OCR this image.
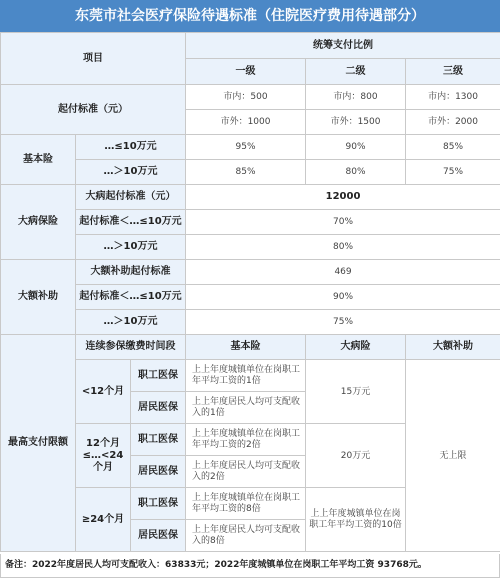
东莞市社会医疗保险待遇标准（住院医疗费用待遇部分）
项目			统筹支付比例		
			一级	二级	三级
起付标准（元）			市内：500	市内：800	市内：1300
			市外：1000	市外：1500	市外：2000
基本险	…≤10万元		95%	90%	85%
	…＞10万元		85%	80%	75%
大病保险	大病起付标准（元）		12000		
	起付标准＜…≤10万元		70%		
	…＞10万元		80%		
大额补助	大额补助起付标准		469		
	起付标准＜…≤10万元		90%		
	…＞10万元		75%		
最高支付限额	连续参保缴费时间段		基本险	大病险	大额补助
	<12个月	职工医保	上上年度城镇单位在岗职工年平均工资的1倍	15万元	无上限
		居民医保	上上年度居民人均可支配收入的1倍		
	12个月≤…<24个月	职工医保	上上年度城镇单位在岗职工年平均工资的2倍	20万元	
		居民医保	上上年度居民人均可支配收入的2倍		
	≥24个月	职工医保	上上年度城镇单位在岗职工年平均工资的8倍	上上年度城镇单位在岗职工年平均工资的10倍	
		居民医保	上上年度居民人均可支配收入的8倍		
备注：2022年度居民人均可支配收入：63833元；2022年度城镇单位在岗职工年平均工资 93768元。
